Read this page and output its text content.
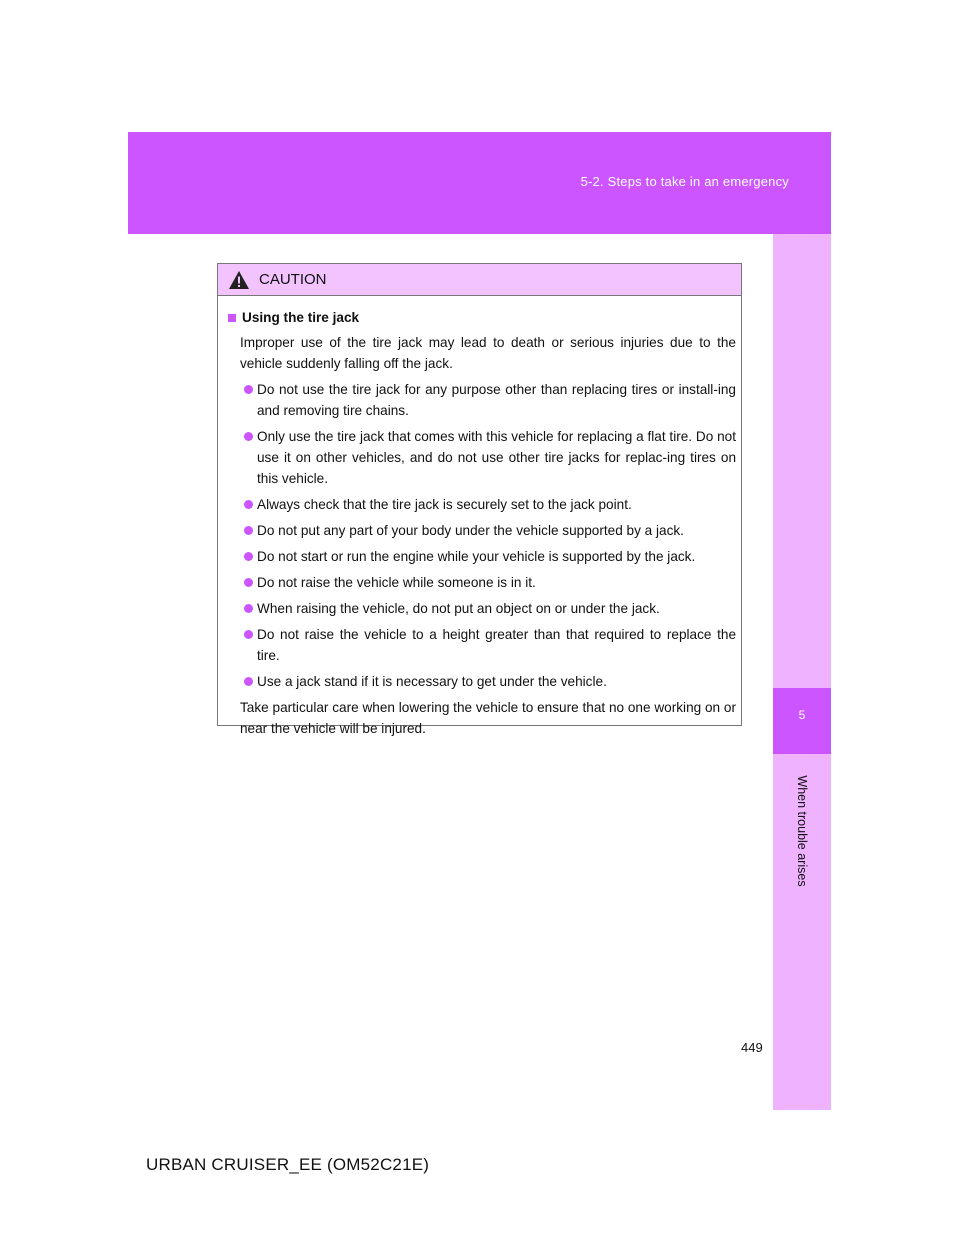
5-2. Steps to take in an emergency
5
When trouble arises
CAUTION
Using the tire jack
Improper use of the tire jack may lead to death or serious injuries due to the vehicle suddenly falling off the jack.
Do not use the tire jack for any purpose other than replacing tires or install-ing and removing tire chains.
Only use the tire jack that comes with this vehicle for replacing a flat tire. Do not use it on other vehicles, and do not use other tire jacks for replac-ing tires on this vehicle.
Always check that the tire jack is securely set to the jack point.
Do not put any part of your body under the vehicle supported by a jack.
Do not start or run the engine while your vehicle is supported by the jack.
Do not raise the vehicle while someone is in it.
When raising the vehicle, do not put an object on or under the jack.
Do not raise the vehicle to a height greater than that required to replace the tire.
Use a jack stand if it is necessary to get under the vehicle.
Take particular care when lowering the vehicle to ensure that no one working on or near the vehicle will be injured.
449
URBAN CRUISER_EE (OM52C21E)
